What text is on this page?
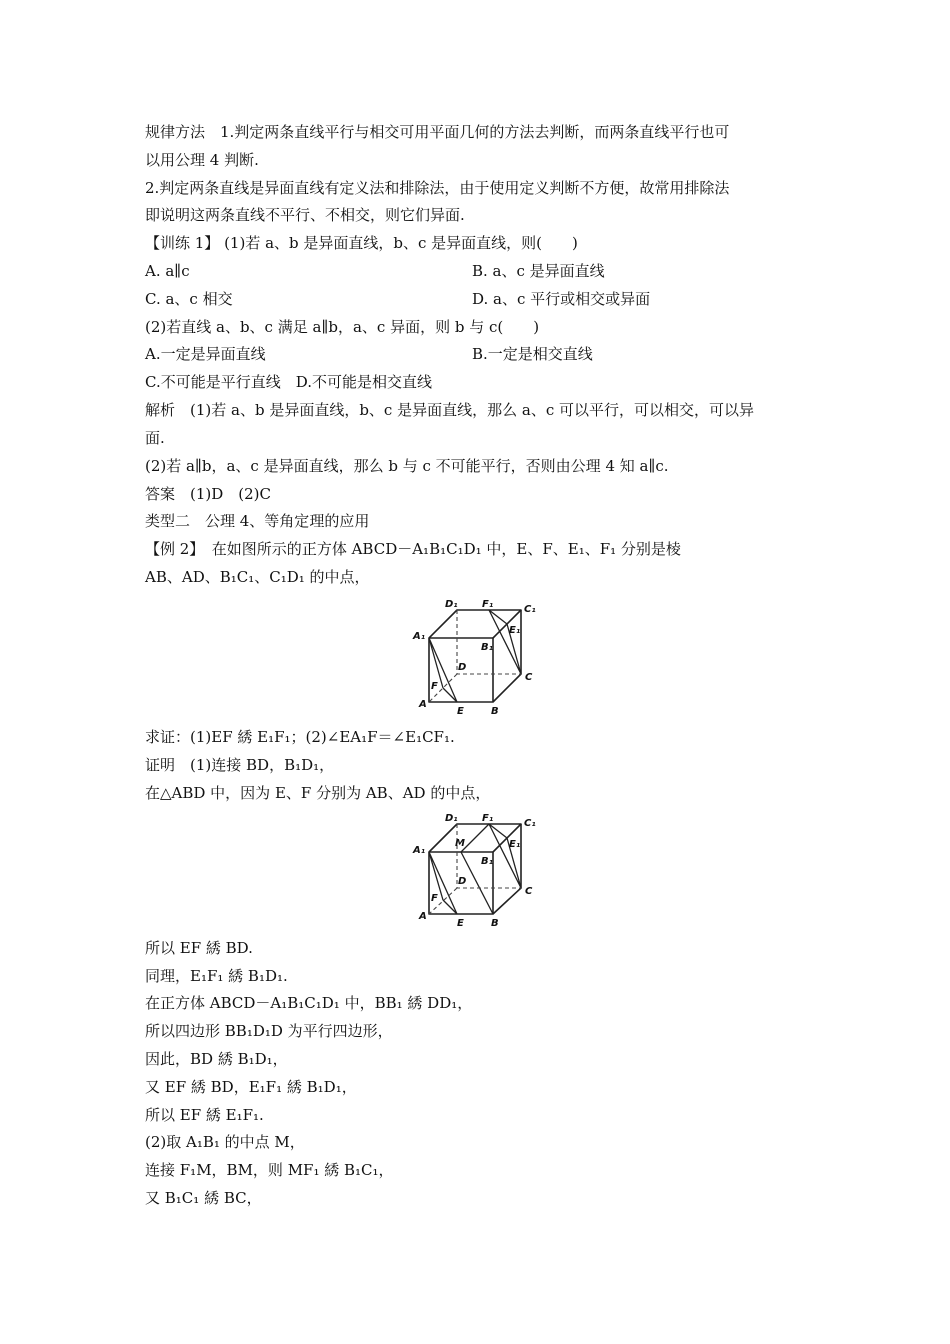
规律方法　1.判定两条直线平行与相交可用平面几何的方法去判断，而两条直线平行也可
以用公理 4 判断.
2.判定两条直线是异面直线有定义法和排除法，由于使用定义判断不方便，故常用排除法
即说明这两条直线不平行、不相交，则它们异面.
【训练 1】 (1)若 a、b 是异面直线，b、c 是异面直线，则(　　)
A. a∥c	B. a、c 是异面直线
C. a、c 相交	D. a、c 平行或相交或异面
(2)若直线 a、b、c 满足 a∥b，a、c 异面，则 b 与 c(　　)
A.一定是异面直线	B.一定是相交直线
C.不可能是平行直线　D.不可能是相交直线
解析　(1)若 a、b 是异面直线，b、c 是异面直线，那么 a、c 可以平行，可以相交，可以异
面.
(2)若 a∥b，a、c 是异面直线，那么 b 与 c 不可能平行，否则由公理 4 知 a∥c.
答案　(1)D　(2)C
类型二　公理 4、等角定理的应用
【例 2】　在如图所示的正方体 ABCD－A₁B₁C₁D₁ 中，E、F、E₁、F₁ 分别是棱
AB、AD、B₁C₁、C₁D₁ 的中点，
D₁ F₁	C₁
E₁
A₁
B₁
D
C
F
A
E	B
求证：(1)EF 綉 E₁F₁；(2)∠EA₁F＝∠E₁CF₁.
证明　(1)连接 BD，B₁D₁，
在△ABD 中，因为 E、F 分别为 AB、AD 的中点，
D₁ F₁	C₁
E₁
A₁
B₁
M
D
C
F
A
E	B
所以 EF 綉 BD.
同理，E₁F₁ 綉 B₁D₁.
在正方体 ABCD－A₁B₁C₁D₁ 中，BB₁ 綉 DD₁，
所以四边形 BB₁D₁D 为平行四边形，
因此，BD 綉 B₁D₁，
又 EF 綉 BD，E₁F₁ 綉 B₁D₁，
所以 EF 綉 E₁F₁.
(2)取 A₁B₁ 的中点 M，
连接 F₁M，BM，则 MF₁ 綉 B₁C₁，
又 B₁C₁ 綉 BC，
